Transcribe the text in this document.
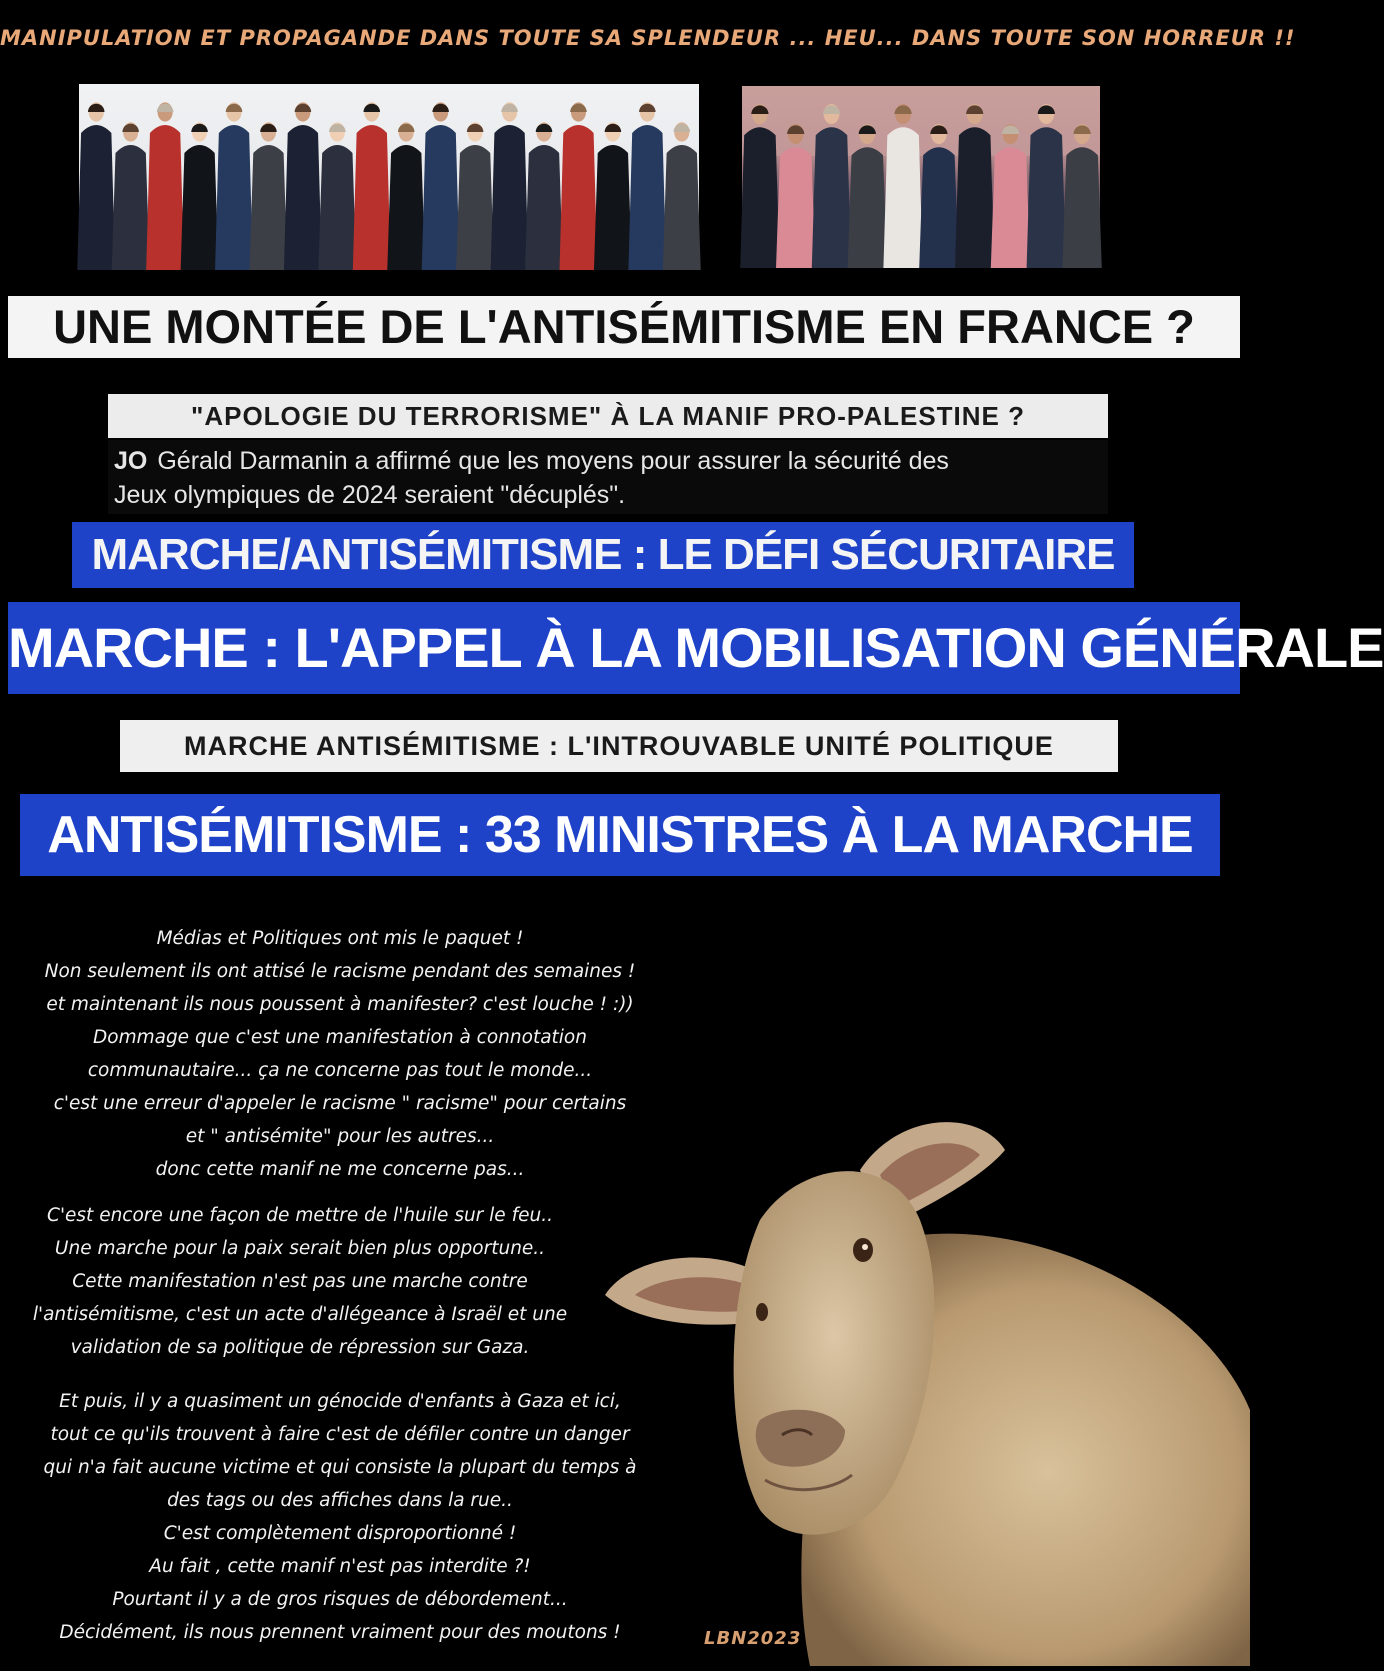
MANIPULATION ET PROPAGANDE DANS TOUTE SA SPLENDEUR ... HEU... DANS TOUTE SON HORREUR !!
UNE MONTÉE DE L'ANTISÉMITISME EN FRANCE ?
"APOLOGIE DU TERRORISME" À LA MANIF PRO-PALESTINE ?
JO Gérald Darmanin a affirmé que les moyens pour assurer la sécurité des
Jeux olympiques de 2024 seraient "décuplés".
MARCHE/ANTISÉMITISME : LE DÉFI SÉCURITAIRE
MARCHE : L'APPEL À LA MOBILISATION GÉNÉRALE
MARCHE ANTISÉMITISME : L'INTROUVABLE UNITÉ POLITIQUE
ANTISÉMITISME : 33 MINISTRES À LA MARCHE
Médias et Politiques ont mis le paquet !
Non seulement ils ont attisé le racisme pendant des semaines !
et maintenant ils nous poussent à manifester? c'est louche ! :))
Dommage que c'est une manifestation à connotation
communautaire... ça ne concerne pas tout le monde...
c'est une erreur d'appeler le racisme " racisme" pour certains
et " antisémite" pour les autres...
donc cette manif ne me concerne pas...
C'est encore une façon de mettre de l'huile sur le feu..
Une marche pour la paix serait bien plus opportune..
Cette manifestation n'est pas une marche contre
l'antisémitisme, c'est un acte d'allégeance à Israël et une
validation de sa politique de répression sur Gaza.
Et puis, il y a quasiment un génocide d'enfants à Gaza et ici,
tout ce qu'ils trouvent à faire c'est de défiler contre un danger
qui n'a fait aucune victime et qui consiste la plupart du temps à
des tags ou des affiches dans la rue..
C'est complètement disproportionné !
Au fait , cette manif n'est pas interdite ?!
Pourtant il y a de gros risques de débordement...
Décidément, ils nous prennent vraiment pour des moutons !	LBN2023
